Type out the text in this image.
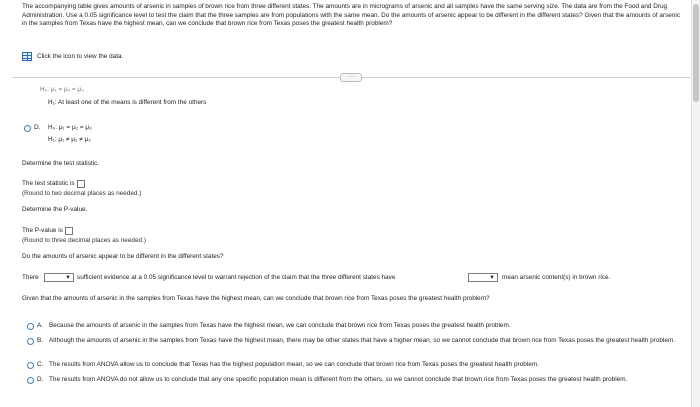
The accompanying table gives amounts of arsenic in samples of brown rice from three different states. The amounts are in micrograms of arsenic and all samples have the same serving size. The data are from the Food and Drug Administration. Use a 0.05 significance level to test the claim that the three samples are from populations with the same mean. Do the amounts of arsenic appear to be different in the different states? Given that the amounts of arsenic in the samples from Texas have the highest mean, can we conclude that brown rice from Texas poses the greatest health problem?
Click the icon to view the data.
·····
H₀: μ₁ = μ₂ = μ₃
H₁: At least one of the means is different from the others
D. H₀: μ₁ = μ₂ = μ₃
H₁: μ₁ ≠ μ₂ ≠ μ₃
Determine the test statistic.
The test statistic is
(Round to two decimal places as needed.)
Determine the P-value.
The P-value is
(Round to three decimal places as needed.)
Do the amounts of arsenic appear to be different in the different states?
There	▼ sufficient evidence at a 0.05 significance level to warrant rejection of the claim that the three different states have	▼ mean arsenic content(s) in brown rice.
Given that the amounts of arsenic in the samples from Texas have the highest mean, can we conclude that brown rice from Texas poses the greatest health problem?
A. Because the amounts of arsenic in the samples from Texas have the highest mean, we can conclude that brown rice from Texas poses the greatest health problem.
B. Although the amounts of arsenic in the samples from Texas have the highest mean, there may be other states that have a higher mean, so we cannot conclude that brown rice from Texas poses the greatest health problem.
C. The results from ANOVA allow us to conclude that Texas has the highest population mean, so we can conclude that brown rice from Texas poses the greatest health problem.
D. The results from ANOVA do not allow us to conclude that any one specific population mean is different from the others, so we cannot conclude that brown rice from Texas poses the greatest health problem.
